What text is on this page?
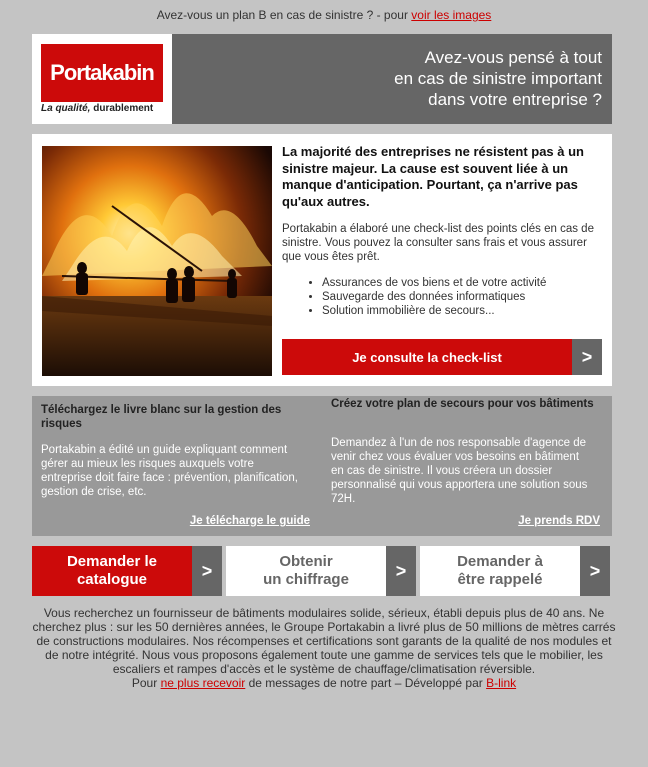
Avez-vous un plan B en cas de sinistre ? - pour voir les images
Portakabin
La qualité, durablement
Avez-vous pensé à tout
en cas de sinistre important
dans votre entreprise ?
La majorité des entreprises ne résistent pas à un sinistre majeur. La cause est souvent liée à un manque d'anticipation. Pourtant, ça n'arrive pas qu'aux autres.
Portakabin a élaboré une check-list des points clés en cas de sinistre. Vous pouvez la consulter sans frais et vous assurer que vous êtes prêt.
• Assurances de vos biens et de votre activité
• Sauvegarde des données informatiques
• Solution immobilière de secours...
Je consulte la check-list	>
Téléchargez le livre blanc sur la gestion des risques
Portakabin a édité un guide expliquant comment gérer au mieux les risques auxquels votre entreprise doit faire face : prévention, planification, gestion de crise, etc.
Je télécharge le guide
Créez votre plan de secours pour vos bâtiments
Demandez à l'un de nos responsable d'agence de venir chez vous évaluer vos besoins en bâtiment en cas de sinistre. Il vous créera un dossier personnalisé qui vous apportera une solution sous 72H.
Je prends RDV
Demander le
catalogue	>	Obtenir
un chiffrage	>	Demander à
être rappelé	>
Vous recherchez un fournisseur de bâtiments modulaires solide, sérieux, établi depuis plus de 40 ans. Ne cherchez plus : sur les 50 dernières années, le Groupe Portakabin a livré plus de 50 millions de mètres carrés de constructions modulaires. Nos récompenses et certifications sont garants de la qualité de nos modules et de notre intégrité. Nous vous proposons également toute une gamme de services tels que le mobilier, les escaliers et rampes d'accès et le système de chauffage/climatisation réversible.
Pour ne plus recevoir de messages de notre part – Développé par B-link
